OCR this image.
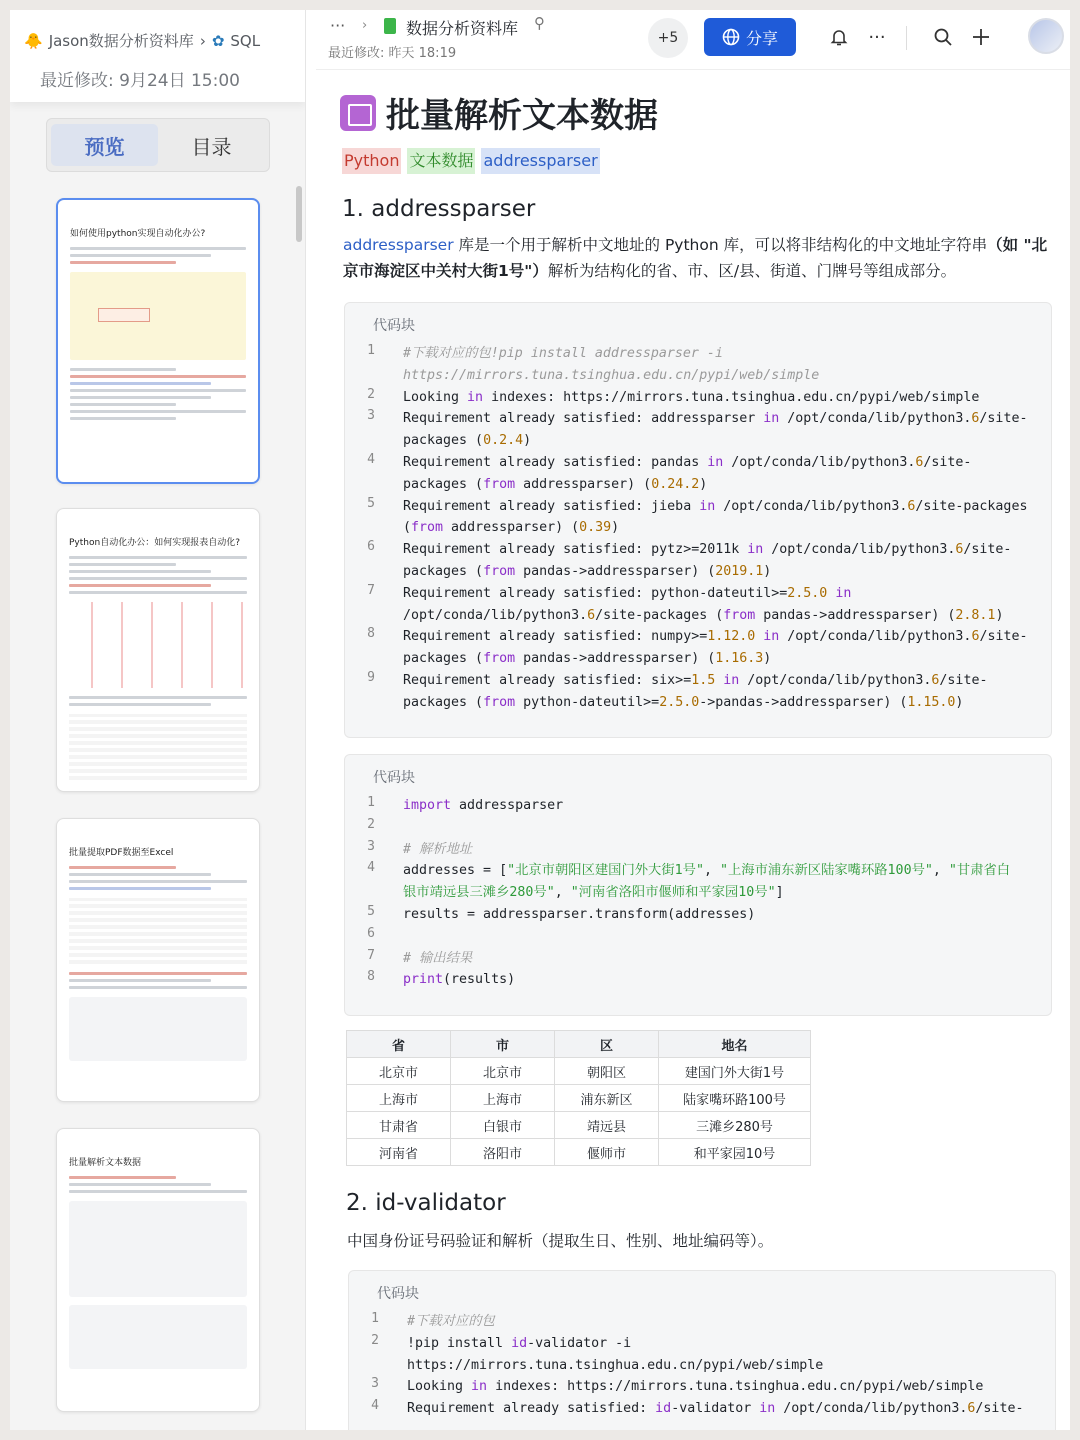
🐥 Jason数据分析资料库 › ✿ SQL
最近修改: 9月24日 15:00
预览	目录
如何使用python实现自动化办公?
Python自动化办公：如何实现报表自动化?
批量提取PDF数据至Excel
批量解析文本数据
··· › 数据分析资料库 ⚲
最近修改: 昨天 18:19
+5	分享	···
批量解析文本数据
Python 文本数据 addressparser
1. addressparser
addressparser 库是一个用于解析中文地址的 Python 库，可以将非结构化的中文地址字符串（如 "北京市海淀区中关村大街1号"）解析为结构化的省、市、区/县、街道、门牌号等组成部分。
代码块
1	#下载对应的包!pip install addressparser -i
https://mirrors.tuna.tsinghua.edu.cn/pypi/web/simple
2	Looking in indexes: https://mirrors.tuna.tsinghua.edu.cn/pypi/web/simple
3	Requirement already satisfied: addressparser in /opt/conda/lib/python3.6/site-
packages (0.2.4)
4	Requirement already satisfied: pandas in /opt/conda/lib/python3.6/site-
packages (from addressparser) (0.24.2)
5	Requirement already satisfied: jieba in /opt/conda/lib/python3.6/site-packages
(from addressparser) (0.39)
6	Requirement already satisfied: pytz>=2011k in /opt/conda/lib/python3.6/site-
packages (from pandas->addressparser) (2019.1)
7	Requirement already satisfied: python-dateutil>=2.5.0 in
/opt/conda/lib/python3.6/site-packages (from pandas->addressparser) (2.8.1)
8	Requirement already satisfied: numpy>=1.12.0 in /opt/conda/lib/python3.6/site-
packages (from pandas->addressparser) (1.16.3)
9	Requirement already satisfied: six>=1.5 in /opt/conda/lib/python3.6/site-
packages (from python-dateutil>=2.5.0->pandas->addressparser) (1.15.0)
代码块
1	import addressparser
2
3	# 解析地址
4	addresses = ["北京市朝阳区建国门外大街1号", "上海市浦东新区陆家嘴环路100号", "甘肃省白
银市靖远县三滩乡280号", "河南省洛阳市偃师和平家园10号"]
5	results = addressparser.transform(addresses)
6
7	# 输出结果
8	print(results)
省	市	区	地名
北京市	北京市	朝阳区	建国门外大街1号
上海市	上海市	浦东新区	陆家嘴环路100号
甘肃省	白银市	靖远县	三滩乡280号
河南省	洛阳市	偃师市	和平家园10号
2. id-validator
中国身份证号码验证和解析（提取生日、性别、地址编码等）。
代码块
1	#下载对应的包
2	!pip install id-validator -i
https://mirrors.tuna.tsinghua.edu.cn/pypi/web/simple
3	Looking in indexes: https://mirrors.tuna.tsinghua.edu.cn/pypi/web/simple
4	Requirement already satisfied: id-validator in /opt/conda/lib/python3.6/site-
